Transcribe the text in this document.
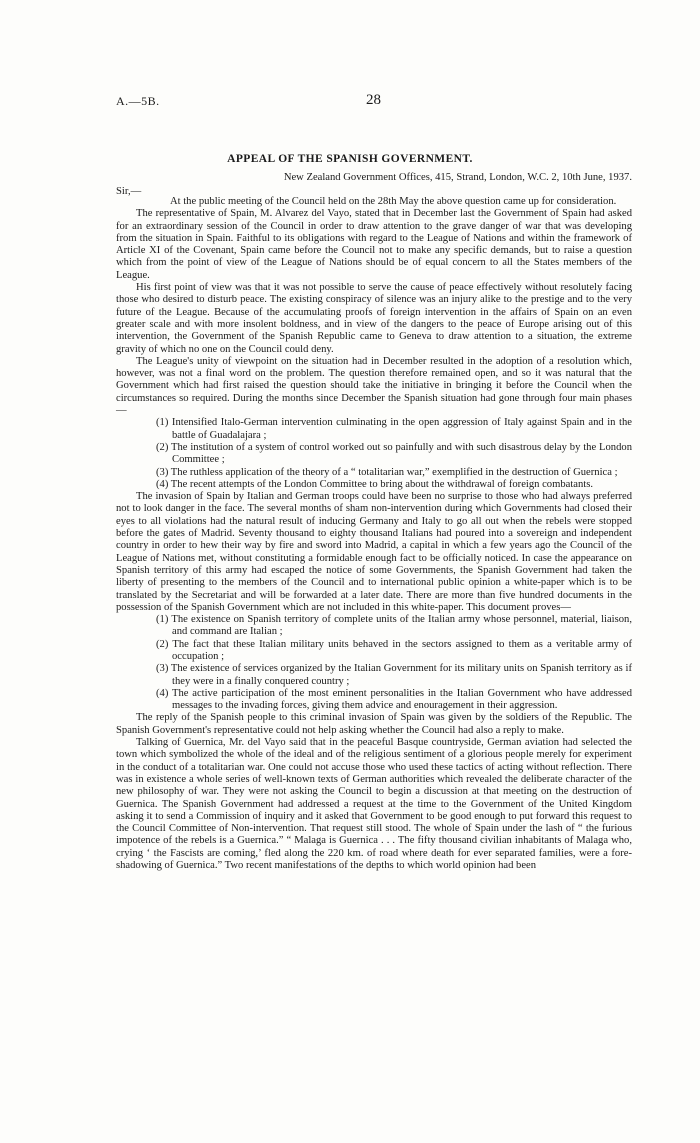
A.—5B.	28
APPEAL OF THE SPANISH GOVERNMENT.
New Zealand Government Offices, 415, Strand, London, W.C. 2, 10th June, 1937.
Sir,—

At the public meeting of the Council held on the 28th May the above question came up for consideration.

The representative of Spain, M. Alvarez del Vayo, stated that in December last the Government of Spain had asked for an extraordinary session of the Council in order to draw attention to the grave danger of war that was developing from the situation in Spain. Faithful to its obligations with regard to the League of Nations and within the framework of Article XI of the Covenant, Spain came before the Council not to make any specific demands, but to raise a question which from the point of view of the League of Nations should be of equal concern to all the States members of the League.

His first point of view was that it was not possible to serve the cause of peace effectively without resolutely facing those who desired to disturb peace. The existing conspiracy of silence was an injury alike to the prestige and to the very future of the League. Because of the accumulating proofs of foreign intervention in the affairs of Spain on an even greater scale and with more insolent boldness, and in view of the dangers to the peace of Europe arising out of this intervention, the Government of the Spanish Republic came to Geneva to draw attention to a situation, the extreme gravity of which no one on the Council could deny.

The League's unity of viewpoint on the situation had in December resulted in the adoption of a resolution which, however, was not a final word on the problem. The question therefore remained open, and so it was natural that the Government which had first raised the question should take the initiative in bringing it before the Council when the circumstances so required. During the months since December the Spanish situation had gone through four main phases—

(1) Intensified Italo-German intervention culminating in the open aggression of Italy against Spain and in the battle of Guadalajara ;
(2) The institution of a system of control worked out so painfully and with such disastrous delay by the London Committee ;
(3) The ruthless application of the theory of a “ totalitarian war,” exemplified in the destruction of Guernica ;
(4) The recent attempts of the London Committee to bring about the withdrawal of foreign combatants.

The invasion of Spain by Italian and German troops could have been no surprise to those who had always preferred not to look danger in the face. The several months of sham non-intervention during which Governments had closed their eyes to all violations had the natural result of inducing Germany and Italy to go all out when the rebels were stopped before the gates of Madrid. Seventy thousand to eighty thousand Italians had poured into a sovereign and independent country in order to hew their way by fire and sword into Madrid, a capital in which a few years ago the Council of the League of Nations met, without constituting a formidable enough fact to be officially noticed. In case the appearance on Spanish territory of this army had escaped the notice of some Governments, the Spanish Government had taken the liberty of presenting to the members of the Council and to international public opinion a white-paper which is to be translated by the Secretariat and will be forwarded at a later date. There are more than five hundred documents in the possession of the Spanish Government which are not included in this white-paper. This document proves—

(1) The existence on Spanish territory of complete units of the Italian army whose personnel, material, liaison, and command are Italian ;
(2) The fact that these Italian military units behaved in the sectors assigned to them as a veritable army of occupation ;
(3) The existence of services organized by the Italian Government for its military units on Spanish territory as if they were in a finally conquered country ;
(4) The active participation of the most eminent personalities in the Italian Government who have addressed messages to the invading forces, giving them advice and enouragement in their aggression.

The reply of the Spanish people to this criminal invasion of Spain was given by the soldiers of the Republic. The Spanish Government's representative could not help asking whether the Council had also a reply to make.

Talking of Guernica, Mr. del Vayo said that in the peaceful Basque countryside, German aviation had selected the town which symbolized the whole of the ideal and of the religious sentiment of a glorious people merely for experiment in the conduct of a totalitarian war. One could not accuse those who used these tactics of acting without reflection. There was in existence a whole series of well-known texts of German authorities which revealed the deliberate character of the new philosophy of war. They were not asking the Council to begin a discussion at that meeting on the destruction of Guernica. The Spanish Government had addressed a request at the time to the Government of the United Kingdom asking it to send a Commission of inquiry and it asked that Government to be good enough to put forward this request to the Council Committee of Non-intervention. That request still stood. The whole of Spain under the lash of “ the furious impotence of the rebels is a Guernica.” “ Malaga is Guernica . . . The fifty thousand civilian inhabitants of Malaga who, crying ‘ the Fascists are coming,’ fled along the 220 km. of road where death for ever separated families, were a fore-shadowing of Guernica.” Two recent manifestations of the depths to which world opinion had been
